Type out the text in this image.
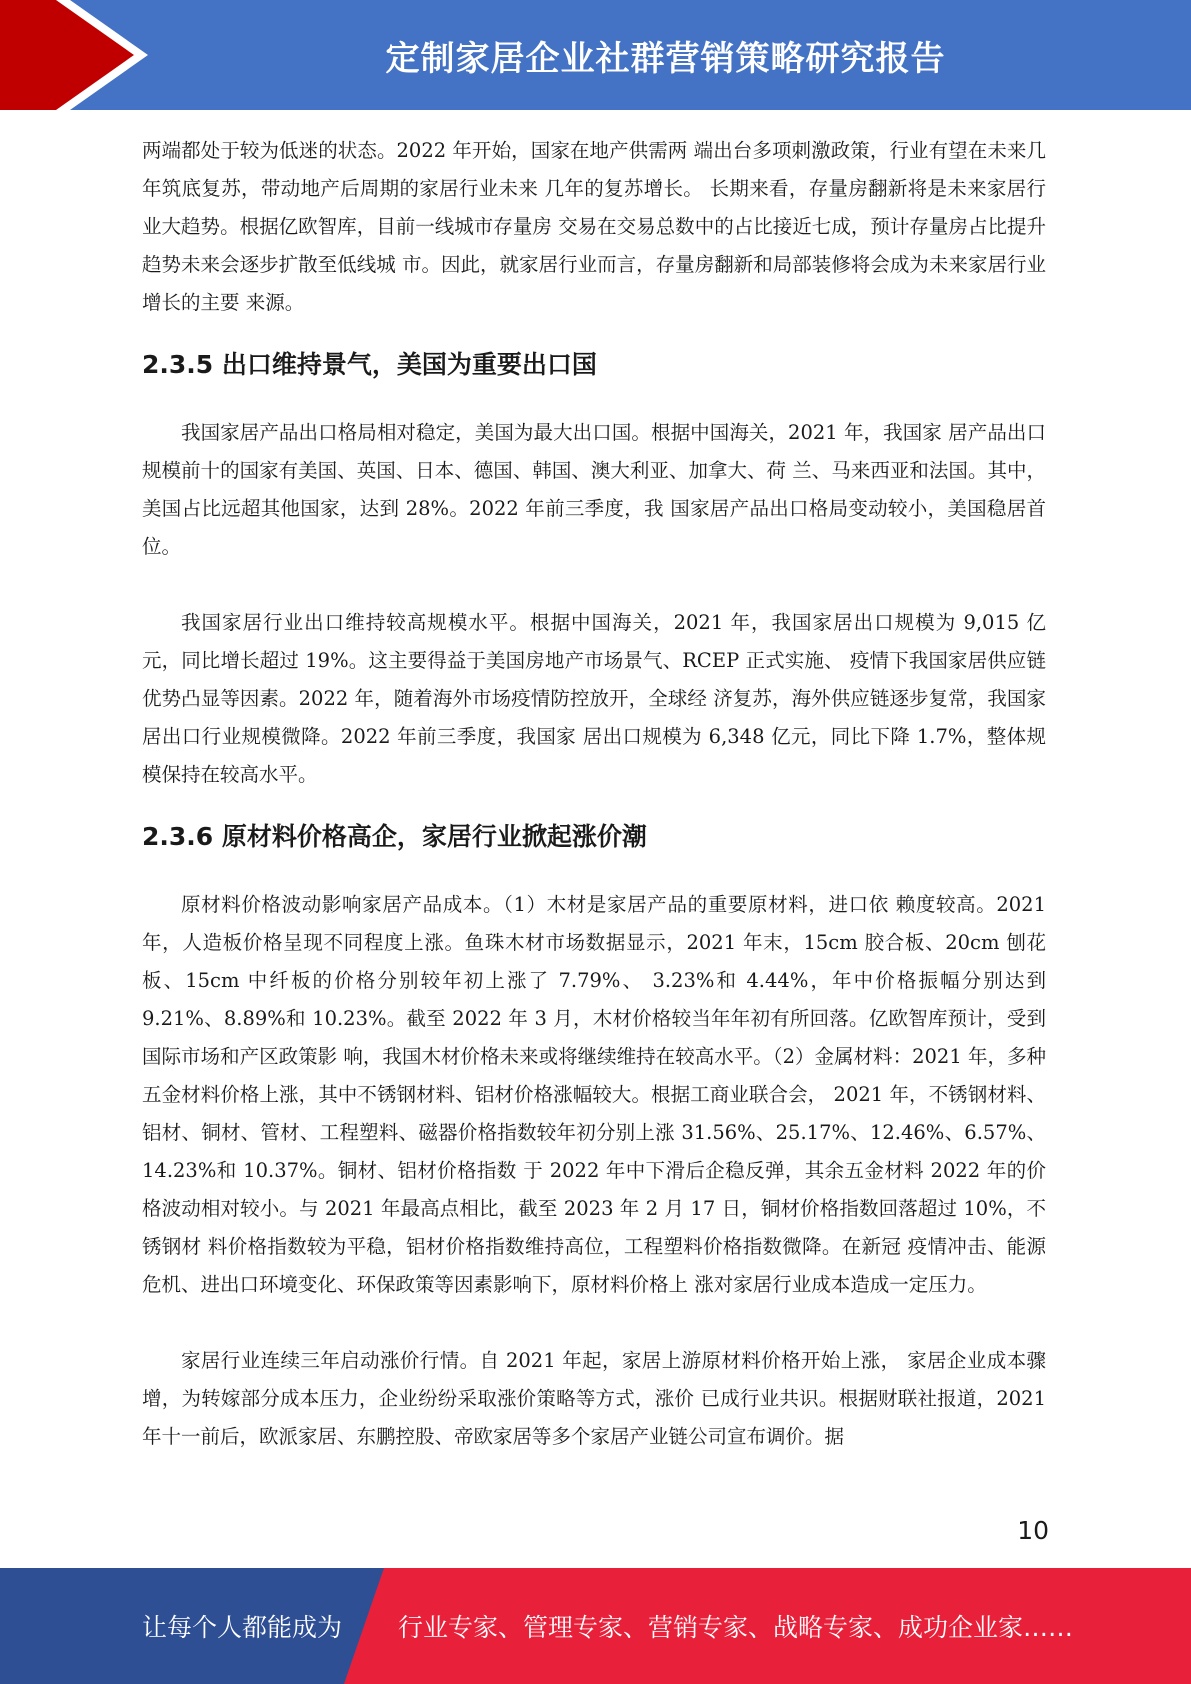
定制家居企业社群营销策略研究报告

两端都处于较为低迷的状态。2022 年开始，国家在地产供需两 端出台多项刺激政策，行业有望在未来几年筑底复苏，带动地产后周期的家居行业未来 几年的复苏增长。 长期来看，存量房翻新将是未来家居行业大趋势。根据亿欧智库，目前一线城市存量房 交易在交易总数中的占比接近七成，预计存量房占比提升趋势未来会逐步扩散至低线城 市。因此，就家居行业而言，存量房翻新和局部装修将会成为未来家居行业增长的主要 来源。

2.3.5 出口维持景气，美国为重要出口国

我国家居产品出口格局相对稳定，美国为最大出口国。根据中国海关，2021 年，我国家 居产品出口规模前十的国家有美国、英国、日本、德国、韩国、澳大利亚、加拿大、荷 兰、马来西亚和法国。其中，美国占比远超其他国家，达到 28%。2022 年前三季度，我 国家居产品出口格局变动较小，美国稳居首位。

我国家居行业出口维持较高规模水平。根据中国海关，2021 年，我国家居出口规模为 9,015 亿元，同比增长超过 19%。这主要得益于美国房地产市场景气、RCEP 正式实施、 疫情下我国家居供应链优势凸显等因素。2022 年，随着海外市场疫情防控放开，全球经 济复苏，海外供应链逐步复常，我国家居出口行业规模微降。2022 年前三季度，我国家 居出口规模为 6,348 亿元，同比下降 1.7%，整体规模保持在较高水平。

2.3.6 原材料价格高企，家居行业掀起涨价潮

原材料价格波动影响家居产品成本。（1）木材是家居产品的重要原材料，进口依 赖度较高。2021 年，人造板价格呈现不同程度上涨。鱼珠木材市场数据显示，2021 年末，15cm 胶合板、20cm 刨花板、15cm 中纤板的价格分别较年初上涨了 7.79%、 3.23%和 4.44%，年中价格振幅分别达到 9.21%、8.89%和 10.23%。截至 2022 年 3 月，木材价格较当年年初有所回落。亿欧智库预计，受到国际市场和产区政策影 响，我国木材价格未来或将继续维持在较高水平。（2）金属材料：2021 年，多种 五金材料价格上涨，其中不锈钢材料、铝材价格涨幅较大。根据工商业联合会， 2021 年，不锈钢材料、铝材、铜材、管材、工程塑料、磁器价格指数较年初分别上涨 31.56%、25.17%、12.46%、6.57%、14.23%和 10.37%。铜材、铝材价格指数 于 2022 年中下滑后企稳反弹，其余五金材料 2022 年的价格波动相对较小。与 2021 年最高点相比，截至 2023 年 2 月 17 日，铜材价格指数回落超过 10%，不锈钢材 料价格指数较为平稳，铝材价格指数维持高位，工程塑料价格指数微降。在新冠 疫情冲击、能源危机、进出口环境变化、环保政策等因素影响下，原材料价格上 涨对家居行业成本造成一定压力。

家居行业连续三年启动涨价行情。自 2021 年起，家居上游原材料价格开始上涨， 家居企业成本骤增，为转嫁部分成本压力，企业纷纷采取涨价策略等方式，涨价 已成行业共识。根据财联社报道，2021 年十一前后，欧派家居、东鹏控股、帝欧家居等多个家居产业链公司宣布调价。据

10
让每个人都能成为 行业专家、管理专家、营销专家、战略专家、成功企业家……
